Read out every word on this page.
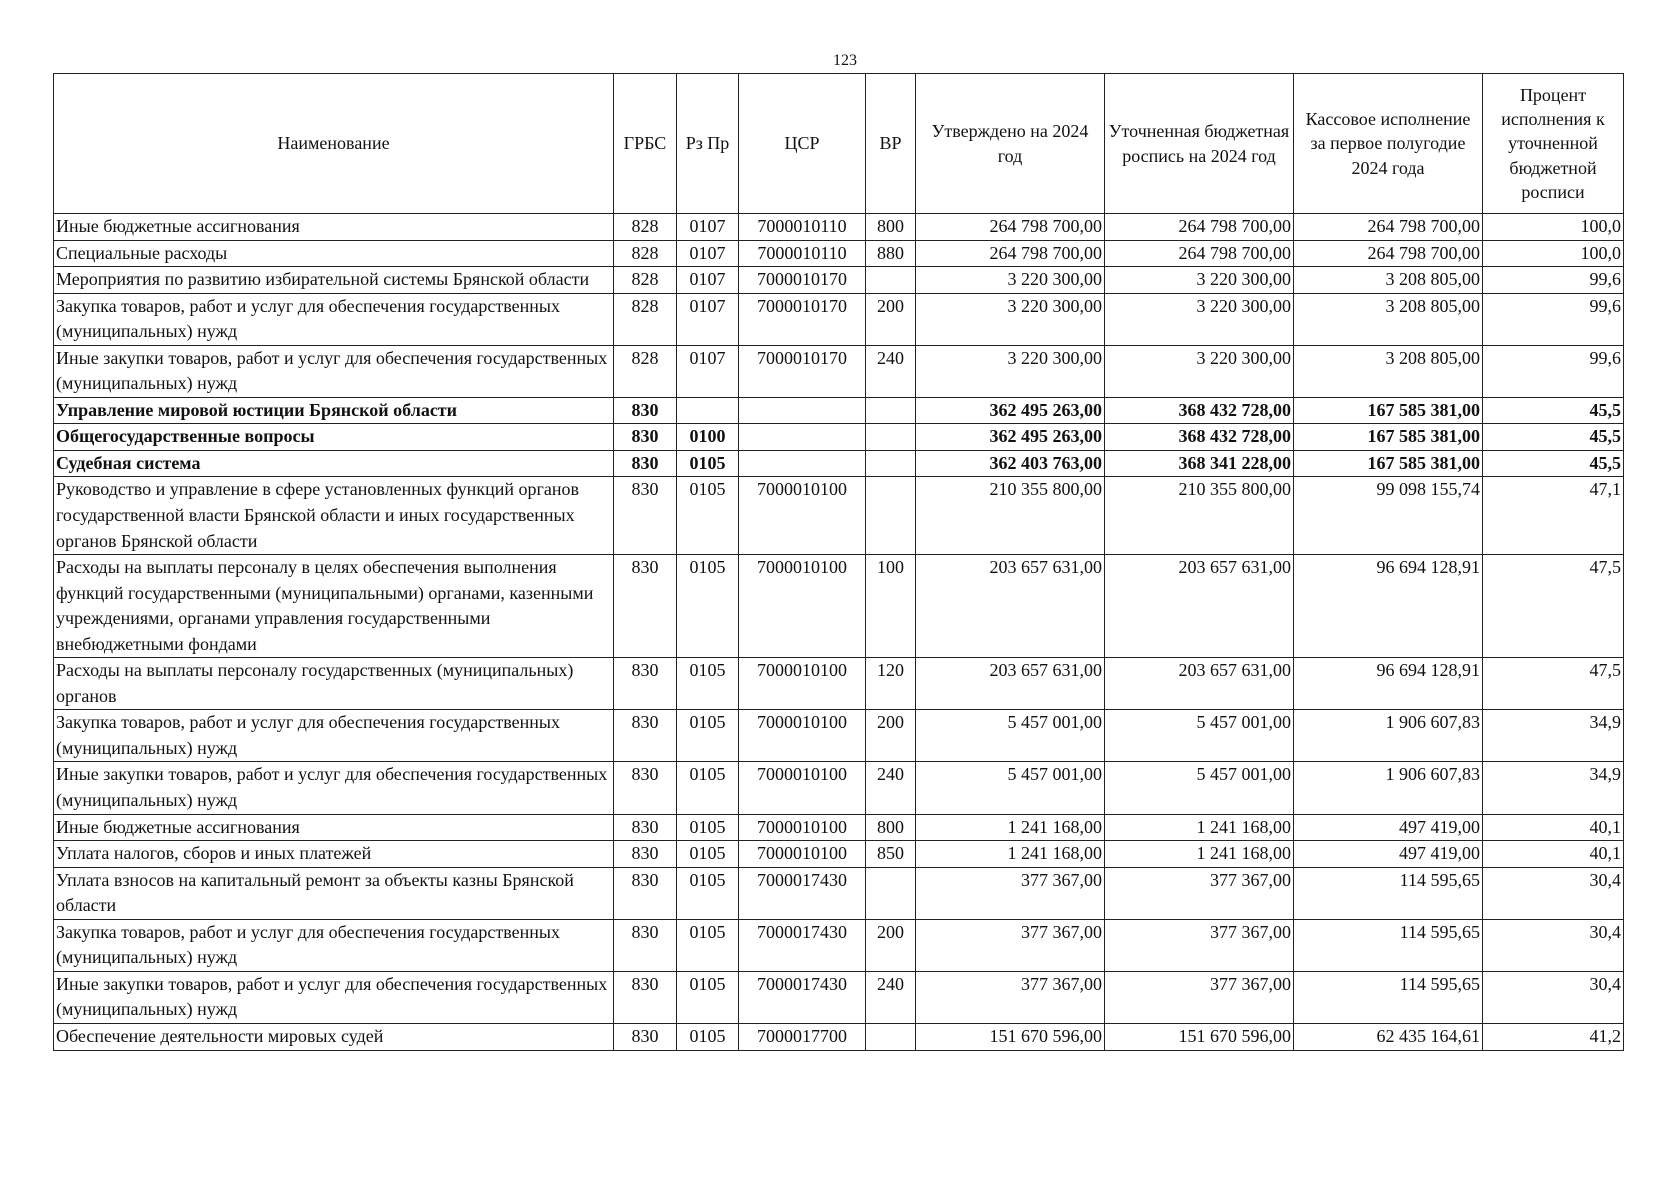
123
Наименование	ГРБС	Рз Пр	ЦСР	ВР	Утверждено на 2024 год	Уточненная бюджетная роспись на 2024 год	Кассовое исполнение за первое полугодие 2024 года	Процент исполнения к уточненной бюджетной росписи
Иные бюджетные ассигнования	828	0107	7000010110	800	264 798 700,00	264 798 700,00	264 798 700,00	100,0
Специальные расходы	828	0107	7000010110	880	264 798 700,00	264 798 700,00	264 798 700,00	100,0
Мероприятия по развитию избирательной системы Брянской области	828	0107	7000010170		3 220 300,00	3 220 300,00	3 208 805,00	99,6
Закупка товаров, работ и услуг для обеспечения государственных (муниципальных) нужд	828	0107	7000010170	200	3 220 300,00	3 220 300,00	3 208 805,00	99,6
Иные закупки товаров, работ и услуг для обеспечения государственных (муниципальных) нужд	828	0107	7000010170	240	3 220 300,00	3 220 300,00	3 208 805,00	99,6
Управление мировой юстиции Брянской области	830				362 495 263,00	368 432 728,00	167 585 381,00	45,5
Общегосударственные вопросы	830	0100			362 495 263,00	368 432 728,00	167 585 381,00	45,5
Судебная система	830	0105			362 403 763,00	368 341 228,00	167 585 381,00	45,5
Руководство и управление в сфере установленных функций органов государственной власти Брянской области и иных государственных органов Брянской области	830	0105	7000010100		210 355 800,00	210 355 800,00	99 098 155,74	47,1
Расходы на выплаты персоналу в целях обеспечения выполнения функций государственными (муниципальными) органами, казенными учреждениями, органами управления государственными внебюджетными фондами	830	0105	7000010100	100	203 657 631,00	203 657 631,00	96 694 128,91	47,5
Расходы на выплаты персоналу государственных (муниципальных) органов	830	0105	7000010100	120	203 657 631,00	203 657 631,00	96 694 128,91	47,5
Закупка товаров, работ и услуг для обеспечения государственных (муниципальных) нужд	830	0105	7000010100	200	5 457 001,00	5 457 001,00	1 906 607,83	34,9
Иные закупки товаров, работ и услуг для обеспечения государственных (муниципальных) нужд	830	0105	7000010100	240	5 457 001,00	5 457 001,00	1 906 607,83	34,9
Иные бюджетные ассигнования	830	0105	7000010100	800	1 241 168,00	1 241 168,00	497 419,00	40,1
Уплата налогов, сборов и иных платежей	830	0105	7000010100	850	1 241 168,00	1 241 168,00	497 419,00	40,1
Уплата взносов на капитальный ремонт за объекты казны Брянской области	830	0105	7000017430		377 367,00	377 367,00	114 595,65	30,4
Закупка товаров, работ и услуг для обеспечения государственных (муниципальных) нужд	830	0105	7000017430	200	377 367,00	377 367,00	114 595,65	30,4
Иные закупки товаров, работ и услуг для обеспечения государственных (муниципальных) нужд	830	0105	7000017430	240	377 367,00	377 367,00	114 595,65	30,4
Обеспечение деятельности мировых судей	830	0105	7000017700		151 670 596,00	151 670 596,00	62 435 164,61	41,2
